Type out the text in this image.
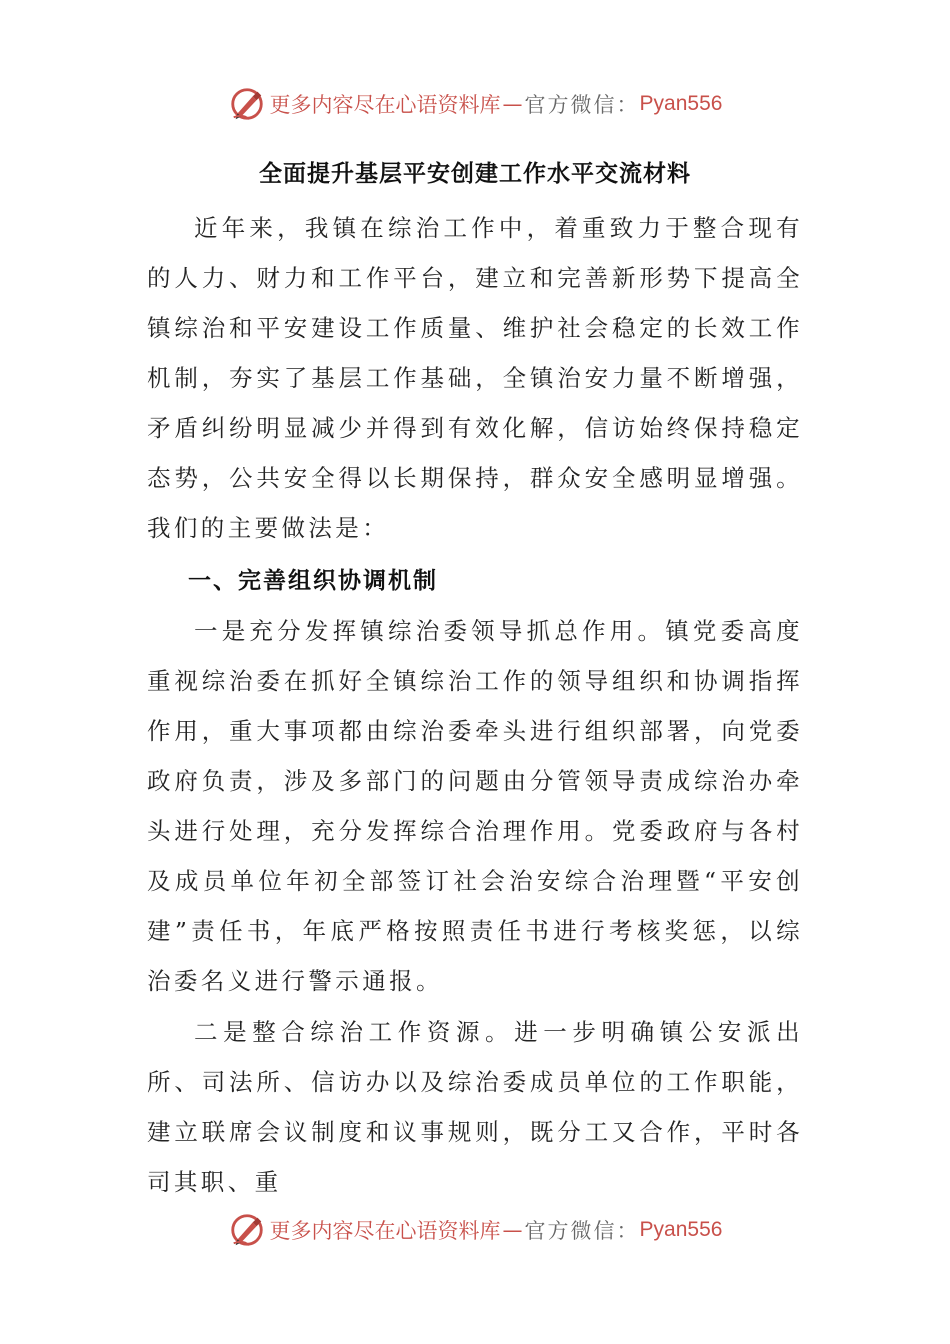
更多内容尽在心语资料库 — 官方微信： Pyan556
全面提升基层平安创建工作水平交流材料

近年来，我镇在综治工作中，着重致力于整合现有的人力、财力和工作平台，建立和完善新形势下提高全镇综治和平安建设工作质量、维护社会稳定的长效工作机制，夯实了基层工作基础，全镇治安力量不断增强，矛盾纠纷明显减少并得到有效化解，信访始终保持稳定态势，公共安全得以长期保持，群众安全感明显增强。我们的主要做法是：

一、完善组织协调机制

一是充分发挥镇综治委领导抓总作用。镇党委高度重视综治委在抓好全镇综治工作的领导组织和协调指挥作用，重大事项都由综治委牵头进行组织部署，向党委政府负责，涉及多部门的问题由分管领导责成综治办牵头进行处理，充分发挥综合治理作用。党委政府与各村及成员单位年初全部签订社会治安综合治理暨“平安创建”责任书，年底严格按照责任书进行考核奖惩，以综治委名义进行警示通报。

二是整合综治工作资源。进一步明确镇公安派出所、司法所、信访办以及综治委成员单位的工作职能，建立联席会议制度和议事规则，既分工又合作，平时各司其职、重

更多内容尽在心语资料库 — 官方微信： Pyan556
